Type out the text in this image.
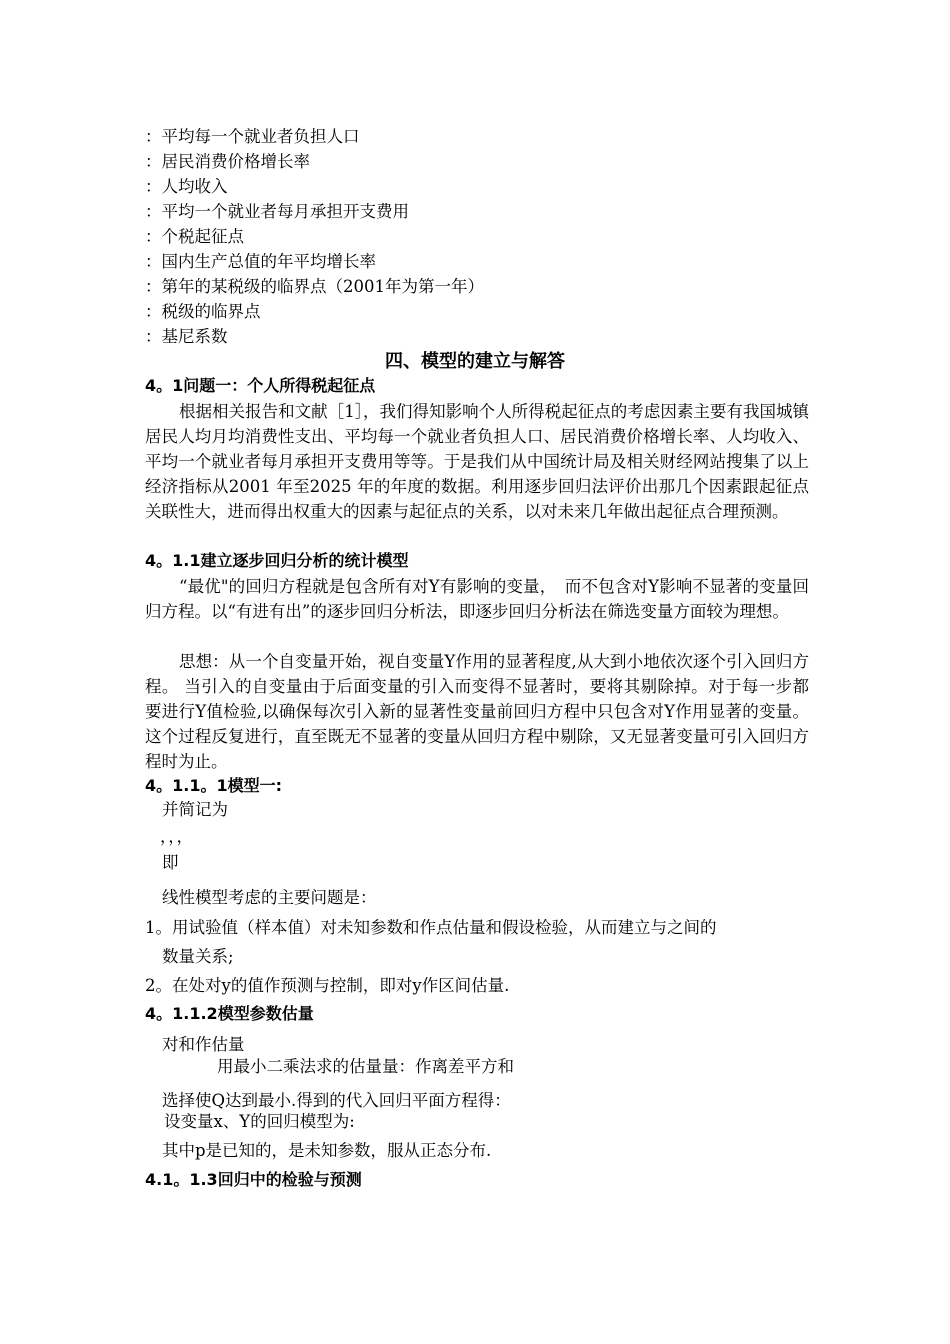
：平均每一个就业者负担人口
：居民消费价格增长率
：人均收入
：平均一个就业者每月承担开支费用
：个税起征点
：国内生产总值的年平均增长率
：第年的某税级的临界点（2001年为第一年）
：税级的临界点
：基尼系数
四、模型的建立与解答
4。1问题一：个人所得税起征点

根据相关报告和文献［1］，我们得知影响个人所得税起征点的考虑因素主要有我国城镇居民人均月均消费性支出、平均每一个就业者负担人口、居民消费价格增长率、人均收入、平均一个就业者每月承担开支费用等等。于是我们从中国统计局及相关财经网站搜集了以上经济指标从2001 年至2025 年的年度的数据。利用逐步回归法评价出那几个因素跟起征点关联性大，进而得出权重大的因素与起征点的关系，以对未来几年做出起征点合理预测。

4。1.1建立逐步回归分析的统计模型

“最优"的回归方程就是包含所有对Y有影响的变量，　而不包含对Y影响不显著的变量回归方程。以“有进有出”的逐步回归分析法，即逐步回归分析法在筛选变量方面较为理想。

思想：从一个自变量开始，视自变量Y作用的显著程度,从大到小地依次逐个引入回归方程。 当引入的自变量由于后面变量的引入而变得不显著时，要将其剔除掉。对于每一步都要进行Y值检验,以确保每次引入新的显著性变量前回归方程中只包含对Y作用显著的变量。这个过程反复进行，直至既无不显著的变量从回归方程中剔除，又无显著变量可引入回归方程时为止。

4。1.1。1模型一:
并简记为
，，，
即
线性模型考虑的主要问题是：
1。用试验值（样本值）对未知参数和作点估量和假设检验，从而建立与之间的
数量关系;
2。在处对y的值作预测与控制，即对y作区间估量.
4。1.1.2模型参数估量
对和作估量
用最小二乘法求的估量量：作离差平方和
选择使Q达到最小.得到的代入回归平面方程得：
设变量x、Y的回归模型为:
其中p是已知的，是未知参数，服从正态分布.
4.1。1.3回归中的检验与预测
